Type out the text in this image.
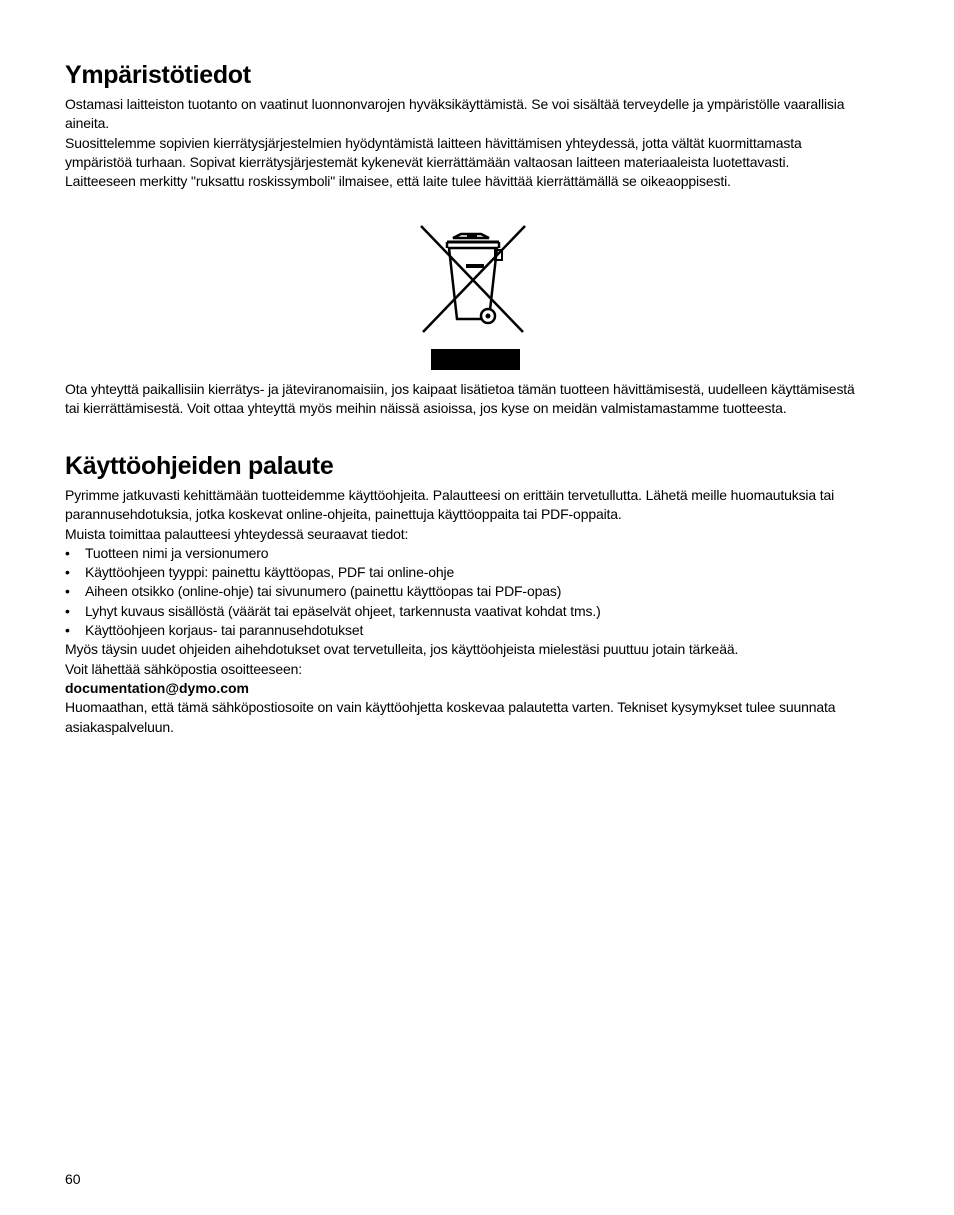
Ympäristötiedot

Ostamasi laitteiston tuotanto on vaatinut luonnonvarojen hyväksikäyttämistä. Se voi sisältää terveydelle ja ympäristölle vaarallisia aineita.

Suosittelemme sopivien kierrätysjärjestelmien hyödyntämistä laitteen hävittämisen yhteydessä, jotta vältät kuormittamasta ympäristöä turhaan. Sopivat kierrätysjärjestemät kykenevät kierrättämään valtaosan laitteen materiaaleista luotettavasti.

Laitteeseen merkitty "ruksattu roskissymboli" ilmaisee, että laite tulee hävittää kierrättämällä se oikeaoppisesti.

Ota yhteyttä paikallisiin kierrätys- ja jäteviranomaisiin, jos kaipaat lisätietoa tämän tuotteen hävittämisestä, uudelleen käyttämisestä tai kierrättämisestä. Voit ottaa yhteyttä myös meihin näissä asioissa, jos kyse on meidän valmistamastamme tuotteesta.

Käyttöohjeiden palaute

Pyrimme jatkuvasti kehittämään tuotteidemme käyttöohjeita. Palautteesi on erittäin tervetullutta. Lähetä meille huomautuksia tai parannusehdotuksia, jotka koskevat online-ohjeita, painettuja käyttöoppaita tai PDF-oppaita.

Muista toimittaa palautteesi yhteydessä seuraavat tiedot:

• Tuotteen nimi ja versionumero
• Käyttöohjeen tyyppi: painettu käyttöopas, PDF tai online-ohje
• Aiheen otsikko (online-ohje) tai sivunumero (painettu käyttöopas tai PDF-opas)
• Lyhyt kuvaus sisällöstä (väärät tai epäselvät ohjeet, tarkennusta vaativat kohdat tms.)
• Käyttöohjeen korjaus- tai parannusehdotukset

Myös täysin uudet ohjeiden aihehdotukset ovat tervetulleita, jos käyttöohjeista mielestäsi puuttuu jotain tärkeää.

Voit lähettää sähköpostia osoitteeseen:

documentation@dymo.com

Huomaathan, että tämä sähköpostiosoite on vain käyttöohjetta koskevaa palautetta varten. Tekniset kysymykset tulee suunnata asiakaspalveluun.

60
